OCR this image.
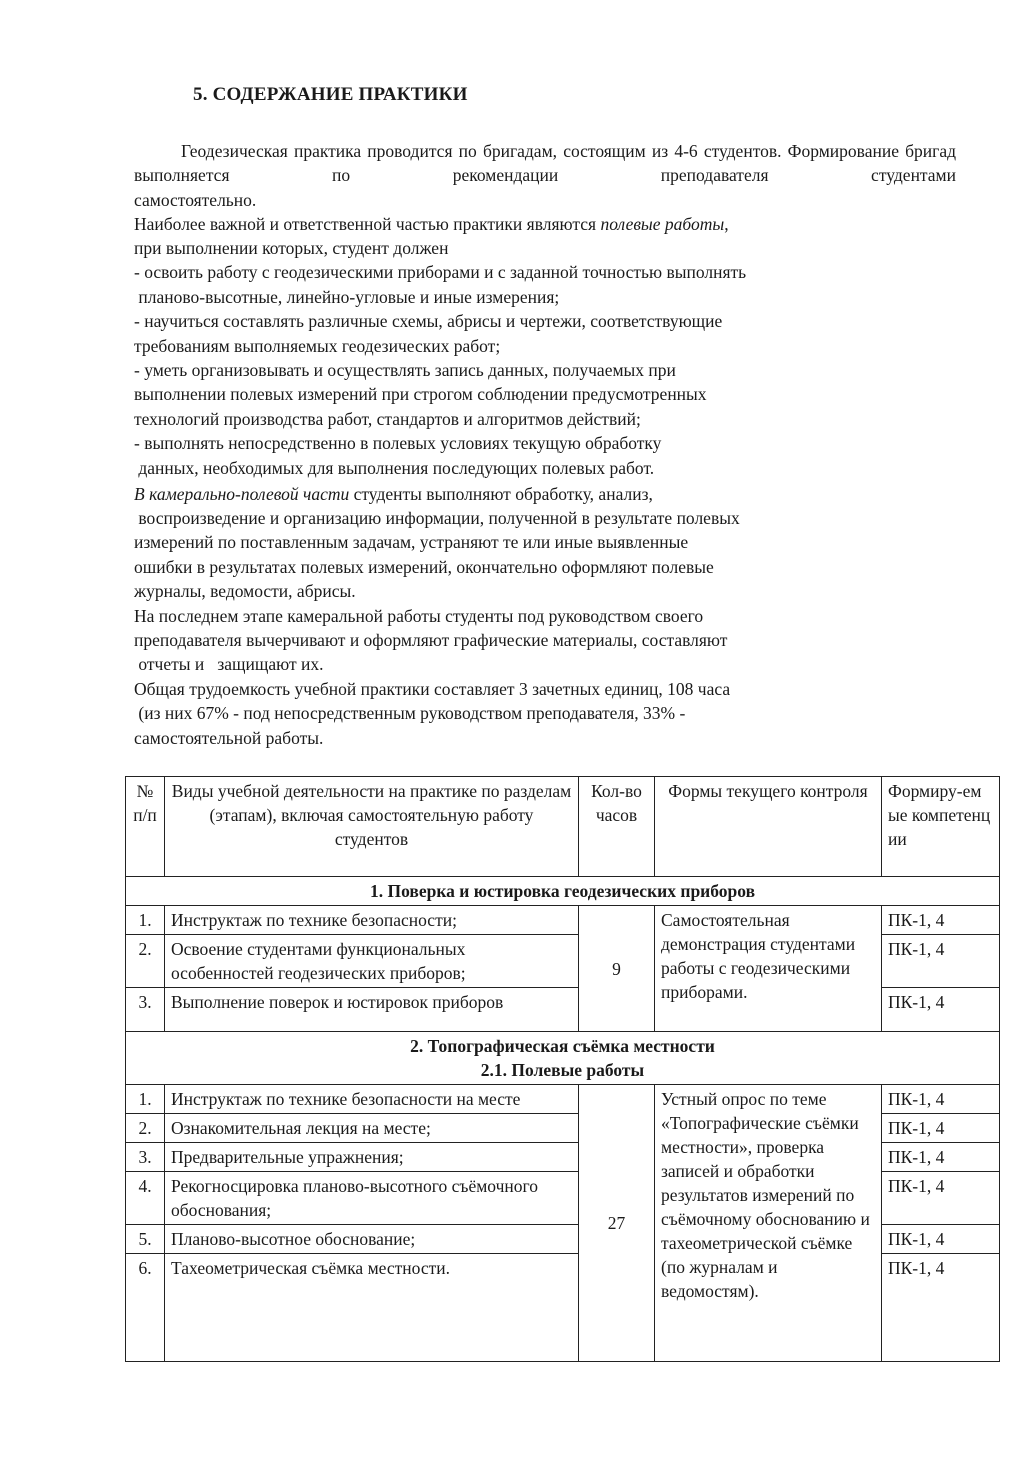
5. СОДЕРЖАНИЕ ПРАКТИКИ

Геодезическая практика проводится по бригадам, состоящим из 4-6 студентов. Формирование бригад выполняется по рекомендации преподавателя студентами

самостоятельно.

Наиболее важной и ответственной частью практики являются полевые работы,

при выполнении которых, студент должен
- освоить работу с геодезическими приборами и с заданной точностью выполнять
планово-высотные, линейно-угловые и иные измерения;
- научиться составлять различные схемы, абрисы и чертежи, соответствующие
требованиям выполняемых геодезических работ;
- уметь организовывать и осуществлять запись данных, получаемых при
выполнении полевых измерений при строгом соблюдении предусмотренных
технологий производства работ, стандартов и алгоритмов действий;
- выполнять непосредственно в полевых условиях текущую обработку
данных, необходимых для выполнения последующих полевых работ.

В камерально-полевой части студенты выполняют обработку, анализ,

воспроизведение и организацию информации, полученной в результате полевых
измерений по поставленным задачам, устраняют те или иные выявленные
ошибки в результатах полевых измерений, окончательно оформляют полевые
журналы, ведомости, абрисы.
На последнем этапе камеральной работы студенты под руководством своего
преподавателя вычерчивают и оформляют графические материалы, составляют
отчеты и   защищают их.
Общая трудоемкость учебной практики составляет 3 зачетных единиц, 108 часа
(из них 67% - под непосредственным руководством преподавателя, 33% -
самостоятельной работы.

№ п/п	Виды учебной деятельности на практике по разделам (этапам), включая самостоятельную работу студентов	Кол-во часов	Формы текущего контроля	Формиру-емые компетенции
1. Поверка и юстировка геодезических приборов				
1.	Инструктаж по технике безопасности;	9	Самостоятельная демонстрация студентами работы с геодезическими приборами.	ПК-1, 4
2.	Освоение студентами функциональных особенностей геодезических приборов;			ПК-1, 4
3.	Выполнение поверок и юстировок приборов			ПК-1, 4

2. Топографическая съёмка местности
2.1. Полевые работы				

1.	Инструктаж по технике безопасности на месте	27	Устный опрос по теме «Топографические съёмки местности», проверка записей и обработки результатов измерений по съёмочному обоснованию и тахеометрической съёмке (по журналам и ведомостям).	ПК-1, 4
2.	Ознакомительная лекция на месте;			ПК-1, 4
3.	Предварительные упражнения;			ПК-1, 4
4.	Рекогносцировка планово-высотного съёмочного обоснования;			ПК-1, 4
5.	Планово-высотное обоснование;			ПК-1, 4
6.	Тахеометрическая съёмка местности.			ПК-1, 4
